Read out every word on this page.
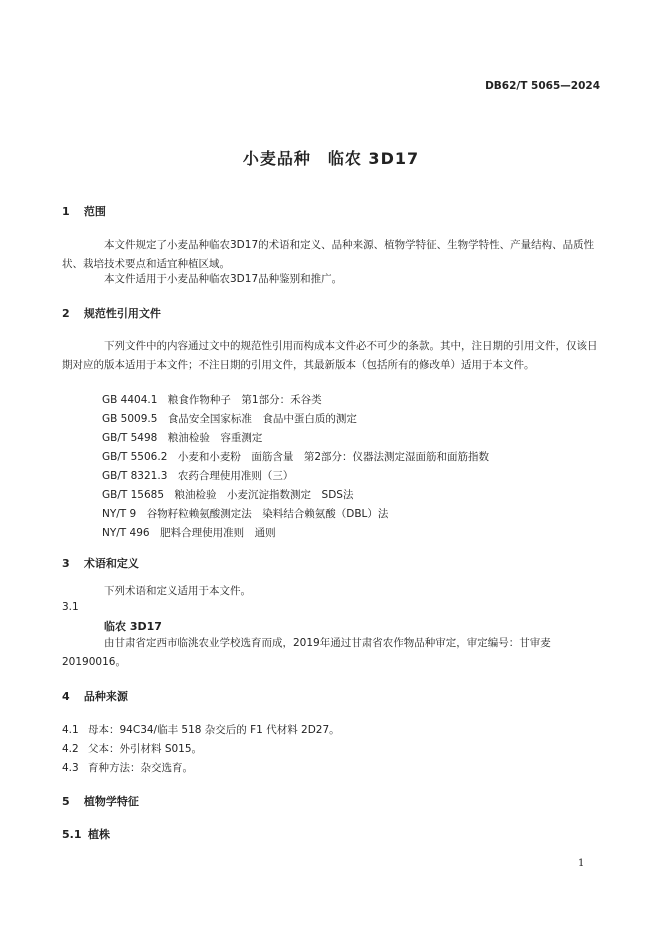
DB62/T 5065—2024
小麦品种　临农 3D17
1 范围
本文件规定了小麦品种临农3D17的术语和定义、品种来源、植物学特征、生物学特性、产量结构、品质性状、栽培技术要点和适宜种植区域。
本文件适用于小麦品种临农3D17品种鉴别和推广。
2 规范性引用文件
下列文件中的内容通过文中的规范性引用而构成本文件必不可少的条款。其中，注日期的引用文件，仅该日期对应的版本适用于本文件；不注日期的引用文件，其最新版本（包括所有的修改单）适用于本文件。
GB 4404.1　粮食作物种子　第1部分：禾谷类
GB 5009.5　食品安全国家标准　食品中蛋白质的测定
GB/T 5498　粮油检验　容重测定
GB/T 5506.2　小麦和小麦粉　面筋含量　第2部分：仪器法测定湿面筋和面筋指数
GB/T 8321.3　农药合理使用准则（三）
GB/T 15685　粮油检验　小麦沉淀指数测定　SDS法
NY/T 9　谷物籽粒赖氨酸测定法　染料结合赖氨酸（DBL）法
NY/T 496　肥料合理使用准则　通则
3 术语和定义
下列术语和定义适用于本文件。
3.1
临农 3D17
由甘肃省定西市临洮农业学校选育而成，2019年通过甘肃省农作物品种审定，审定编号：甘审麦20190016。
4 品种来源
4.1 母本：94C34/临丰 518 杂交后的 F1 代材料 2D27。
4.2 父本：外引材料 S015。
4.3 育种方法：杂交选育。
5 植物学特征
5.1 植株
1
